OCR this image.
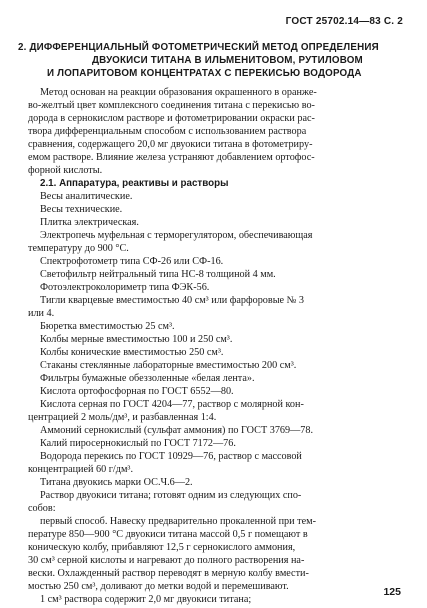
ГОСТ 25702.14—83 С. 2
2. ДИФФЕРЕНЦИАЛЬНЫЙ ФОТОМЕТРИЧЕСКИЙ МЕТОД ОПРЕДЕЛЕНИЯ
ДВУОКИСИ ТИТАНА В ИЛЬМЕНИТОВОМ, РУТИЛОВОМ
И ЛОПАРИТОВОМ КОНЦЕНТРАТАХ С ПЕРЕКИСЬЮ ВОДОРОДА
Метод основан на реакции образования окрашенного в оранже-
во-желтый цвет комплексного соединения титана с перекисью во-
дорода в сернокислом растворе и фотометрировании окраски рас-
твора дифференциальным способом с использованием раствора
сравнения, содержащего 20,0 мг двуокиси титана в фотометриру-
емом растворе. Влияние железа устраняют добавлением ортофос-
форной кислоты.
2.1. Аппаратура, реактивы и растворы
Весы аналитические.
Весы технические.
Плитка электрическая.
Электропечь муфельная с терморегулятором, обеспечивающая
температуру до 900 °С.
Спектрофотометр типа СФ-26 или СФ-16.
Светофильтр нейтральный типа НС-8 толщиной 4 мм.
Фотоэлектроколориметр типа ФЭК-56.
Тигли кварцевые вместимостью 40 см³ или фарфоровые № 3
или 4.
Бюретка вместимостью 25 см³.
Колбы мерные вместимостью 100 и 250 см³.
Колбы конические вместимостью 250 см³.
Стаканы стеклянные лабораторные вместимостью 200 см³.
Фильтры бумажные обеззоленные «белая лента».
Кислота ортофосфорная по ГОСТ 6552—80.
Кислота серная по ГОСТ 4204—77, раствор с молярной кон-
центрацией 2 моль/дм³, и разбавленная 1:4.
Аммоний сернокислый (сульфат аммония) по ГОСТ 3769—78.
Калий пиросернокислый по ГОСТ 7172—76.
Водорода перекись по ГОСТ 10929—76, раствор с массовой
концентрацией 60 г/дм³.
Титана двуокись марки ОС.Ч.6—2.
Раствор двуокиси титана; готовят одним из следующих спо-
собов:
первый способ. Навеску предварительно прокаленной при тем-
пературе 850—900 °С двуокиси титана массой 0,5 г помещают в
коническую колбу, прибавляют 12,5 г сернокислого аммония,
30 см³ серной кислоты и нагревают до полного растворения на-
вески. Охлажденный раствор переводят в мерную колбу вмести-
мостью 250 см³, доливают до метки водой и перемешивают.
1 см³ раствора содержит 2,0 мг двуокиси титана;
125
